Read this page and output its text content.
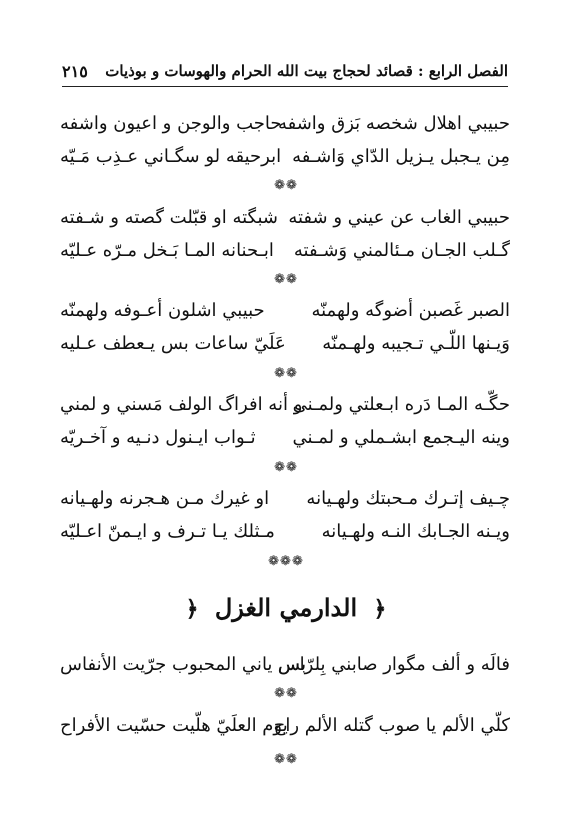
الفصل الرابع : قصائد لحجاج بيت الله الحرام والهوسات و بوذيات
٢١٥
حبيبي اهلال شخصه بَزق واشفه
حاجب والوجن و اعيون واشفه
مِن يـجبل يـزيل الدّاي وَاشـفه
ابرحيقه لو سگـاني عـذِب مَـيّه
❁❁
حبيبي الغاب عن عيني و شفته
شبگته او قبّلت گصته و شـفته
گـلب الجـان مـئالمني وَشـفته
ابـحنانه المـا بَـخل مـرّه عـليّه
❁❁
الصبر غَصبن أضوگه ولهمنّه
حبيبي اشلون أعـوفه ولهمنّه
وَيـنها اللّـي تـجيبه ولهـمنّه
عَلَيّ ساعات بس يـعطف عـليه
❁❁
حگّـه المـا دَره ابـعلتي ولمـنى
و أنه افراگ الولف مَسني و لمني
وينه اليـجمع ابشـملي و لمـني
ثـواب ايـنول دنـيه و آخـريّه
❁❁
چـيف إتـرك مـحبتك ولهـيانه
او غيرك مـن هـجرنه ولهـيانه
ويـنه الجـابك النـه ولهـيانه
مـثلك يـا تـرف و ايـمنّ اعـليّه
❁❁❁
﴿ الدارمي الغزل ﴿
فالَه و ألف مگوار صابني بِلرّاس
بس ياني المحبوب جرّيت الأنفاس
❁❁
كلّي الألم يا صوب گتله الألم راح
يوم العلَيّ هلّيت حسّيت الأفراح
❁❁
